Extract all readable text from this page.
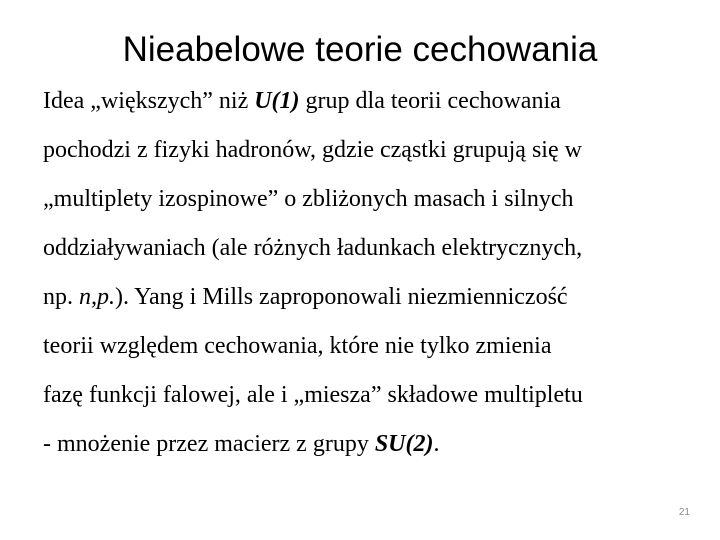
Nieabelowe teorie cechowania
Idea „większych” niż U(1) grup dla teorii cechowania
pochodzi z fizyki hadronów, gdzie cząstki grupują się w
„multiplety izospinowe” o zbliżonych masach i silnych
oddziaływaniach (ale różnych ładunkach elektrycznych,
np. n,p.). Yang i Mills zaproponowali niezmienniczość
teorii względem cechowania, które nie tylko zmienia
fazę funkcji falowej, ale i „miesza” składowe multipletu
- mnożenie przez macierz z grupy SU(2).
21
